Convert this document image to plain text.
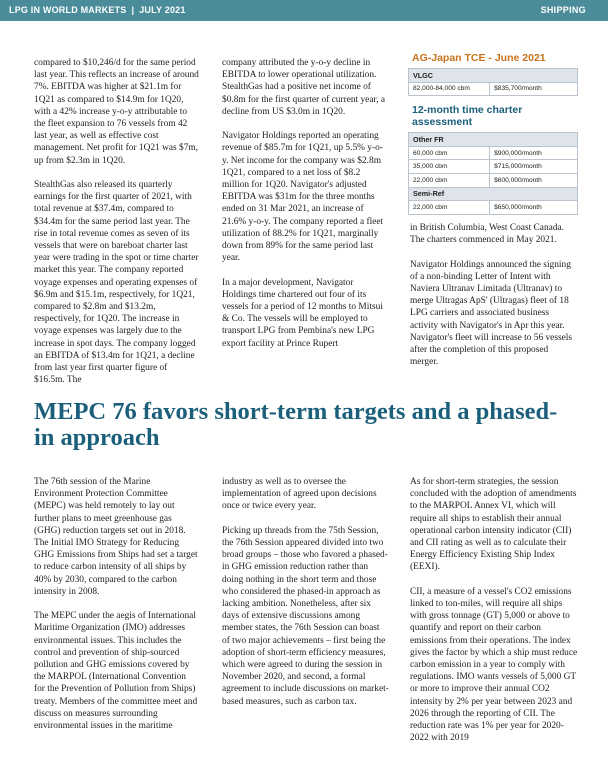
LPG IN WORLD MARKETS | JULY 2021	SHIPPING

compared to $10,246/d for the same period last year. This reflects an increase of around 7%. EBITDA was higher at $21.1m for 1Q21 as compared to $14.9m for 1Q20, with a 42% increase y-o-y attributable to the fleet expansion to 76 vessels from 42 last year, as well as effective cost management. Net profit for 1Q21 was $7m, up from $2.3m in 1Q20.

StealthGas also released its quarterly earnings for the first quarter of 2021, with total revenue at $37.4m, compared to $34.4m for the same period last year. The rise in total revenue comes as seven of its vessels that were on bareboat charter last year were trading in the spot or time charter market this year. The company reported voyage expenses and operating expenses of $6.9m and $15.1m, respectively, for 1Q21, compared to $2.8m and $13.2m, respectively, for 1Q20. The increase in voyage expenses was largely due to the increase in spot days. The company logged an EBITDA of $13.4m for 1Q21, a decline from last year first quarter figure of $16.5m. The

company attributed the y-o-y decline in EBITDA to lower operational utilization. StealthGas had a positive net income of $0.8m for the first quarter of current year, a decline from US $3.0m in 1Q20.

Navigator Holdings reported an operating revenue of $85.7m for 1Q21, up 5.5% y-o-y. Net income for the company was $2.8m 1Q21, compared to a net loss of $8.2 million for 1Q20. Navigator's adjusted EBITDA was $31m for the three months ended on 31 Mar 2021, an increase of 21.6% y-o-y. The company reported a fleet utilization of 88.2% for 1Q21, marginally down from 89% for the same period last year.

In a major development, Navigator Holdings time chartered out four of its vessels for a period of 12 months to Mitsui & Co. The vessels will be employed to transport LPG from Pembina's new LPG export facility at Prince Rupert

AG-Japan TCE - June 2021
VLGC
82,000-84,000 cbm	$835,700/month
12-month time charter assessment
Other FR	
60,000 cbm	$900,000/month
35,000 cbm	$715,000/month
22,000 cbm	$600,000/month
Semi-Ref	
22,000 cbm	$650,000/month

in British Columbia, West Coast Canada. The charters commenced in May 2021.

Navigator Holdings announced the signing of a non-binding Letter of Intent with Naviera Ultranav Limitada (Ultranav) to merge Ultragas ApS' (Ultragas) fleet of 18 LPG carriers and associated business activity with Navigator's in Apr this year. Navigator's fleet will increase to 56 vessels after the completion of this proposed merger.

MEPC 76 favors short-term targets and a phased-in approach

The 76th session of the Marine Environment Protection Committee (MEPC) was held remotely to lay out further plans to meet greenhouse gas (GHG) reduction targets set out in 2018. The Initial IMO Strategy for Reducing GHG Emissions from Ships had set a target to reduce carbon intensity of all ships by 40% by 2030, compared to the carbon intensity in 2008.

The MEPC under the aegis of International Maritime Organization (IMO) addresses environmental issues. This includes the control and prevention of ship-sourced pollution and GHG emissions covered by the MARPOL (International Convention for the Prevention of Pollution from Ships) treaty. Members of the committee meet and discuss on measures surrounding environmental issues in the maritime

industry as well as to oversee the implementation of agreed upon decisions once or twice every year.

Picking up threads from the 75th Session, the 76th Session appeared divided into two broad groups – those who favored a phased-in GHG emission reduction rather than doing nothing in the short term and those who considered the phased-in approach as lacking ambition. Nonetheless, after six days of extensive discussions among member states, the 76th Session can boast of two major achievements – first being the adoption of short-term efficiency measures, which were agreed to during the session in November 2020, and second, a formal agreement to include discussions on market-based measures, such as carbon tax.

As for short-term strategies, the session concluded with the adoption of amendments to the MARPOL Annex VI, which will require all ships to establish their annual operational carbon intensity indicator (CII) and CII rating as well as to calculate their Energy Efficiency Existing Ship Index (EEXI).

CII, a measure of a vessel's CO2 emissions linked to ton-miles, will require all ships with gross tonnage (GT) 5,000 or above to quantify and report on their carbon emissions from their operations. The index gives the factor by which a ship must reduce carbon emission in a year to comply with regulations. IMO wants vessels of 5,000 GT or more to improve their annual CO2 intensity by 2% per year between 2023 and 2026 through the reporting of CII. The reduction rate was 1% per year for 2020-2022 with 2019
